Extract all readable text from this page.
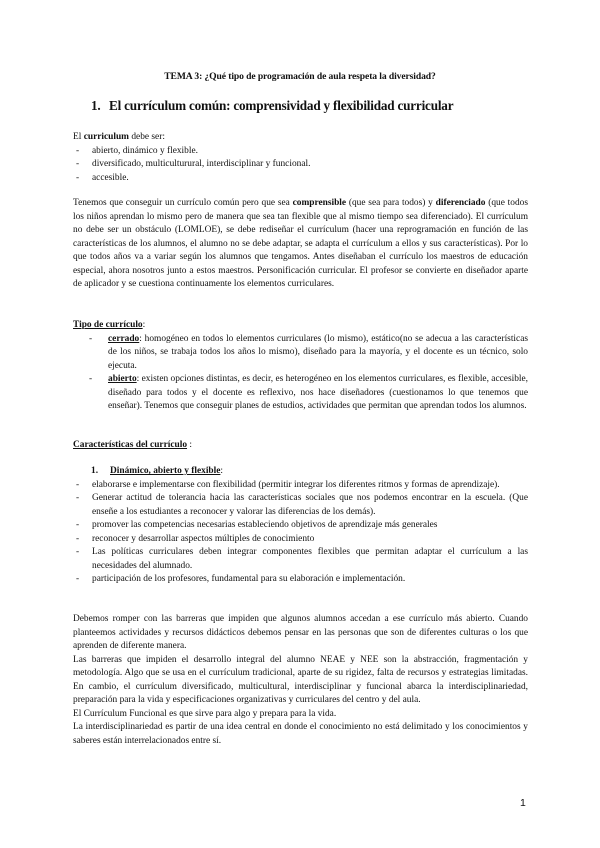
TEMA 3: ¿Qué tipo de programación de aula respeta la diversidad?
1. El currículum común: comprensividad y flexibilidad curricular

El curriculum debe ser:

- abierto, dinámico y flexible.
- diversificado, multiculturural, interdisciplinar y funcional.
- accesible.

Tenemos que conseguir un currículo común pero que sea comprensible (que sea para todos) y diferenciado (que todos los niños aprendan lo mismo pero de manera que sea tan flexible que al mismo tiempo sea diferenciado). El currículum no debe ser un obstáculo (LOMLOE), se debe rediseñar el currículum (hacer una reprogramación en función de las características de los alumnos, el alumno no se debe adaptar, se adapta el currículum a ellos y sus características). Por lo que todos años va a variar según los alumnos que tengamos. Antes diseñaban el currículo los maestros de educación especial, ahora nosotros junto a estos maestros. Personificación curricular. El profesor se convierte en diseñador aparte de aplicador y se cuestiona continuamente los elementos curriculares.

Tipo de currículo:

- cerrado: homogéneo en todos lo elementos curriculares (lo mismo), estático(no se adecua a las características de los niños, se trabaja todos los años lo mismo), diseñado para la mayoría, y el docente es un técnico, solo ejecuta.
- abierto: existen opciones distintas, es decir, es heterogéneo en los elementos curriculares, es flexible, accesible, diseñado para todos y el docente es reflexivo, nos hace diseñadores (cuestionamos lo que tenemos que enseñar). Tenemos que conseguir planes de estudios, actividades que permitan que aprendan todos los alumnos.

Características del currículo :

1. Dinámico, abierto y flexible:

- elaborarse e implementarse con flexibilidad (permitir integrar los diferentes ritmos y formas de aprendizaje).
- Generar actitud de tolerancia hacia las características sociales que nos podemos encontrar en la escuela. (Que enseñe a los estudiantes a reconocer y valorar las diferencias de los demás).
- promover las competencias necesarias estableciendo objetivos de aprendizaje más generales
- reconocer y desarrollar aspectos múltiples de conocimiento
- Las políticas curriculares deben integrar componentes flexibles que permitan adaptar el currículum a las necesidades del alumnado.
- participación de los profesores, fundamental para su elaboración e implementación.

Debemos romper con las barreras que impiden que algunos alumnos accedan a ese currículo más abierto. Cuando planteemos actividades y recursos didácticos debemos pensar en las personas que son de diferentes culturas o los que aprenden de diferente manera.

Las barreras que impiden el desarrollo integral del alumno NEAE y NEE son la abstracción, fragmentación y metodología. Algo que se usa en el currículum tradicional, aparte de su rigidez, falta de recursos y estrategias limitadas. En cambio, el currículum diversificado, multicultural, interdisciplinar y funcional abarca la interdisciplinariedad, preparación para la vida y especificaciones organizativas y curriculares del centro y del aula.

El Currículum Funcional es que sirve para algo y prepara para la vida.

La interdisciplinariedad es partir de una idea central en donde el conocimiento no está delimitado y los conocimientos y saberes están interrelacionados entre sí.

1
